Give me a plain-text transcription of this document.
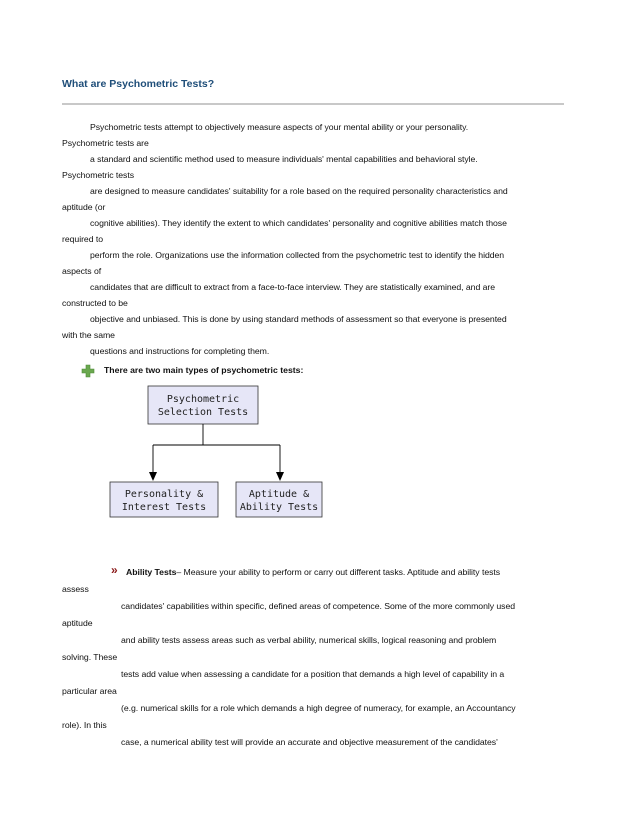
What are Psychometric Tests?
Psychometric tests attempt to objectively measure aspects of your mental ability or your personality.
Psychometric tests are
a standard and scientific method used to measure individuals' mental capabilities and behavioral style.
Psychometric tests
are designed to measure candidates' suitability for a role based on the required personality characteristics and
aptitude (or
cognitive abilities). They identify the extent to which candidates' personality and cognitive abilities match those
required to
perform the role. Organizations use the information collected from the psychometric test to identify the hidden
aspects of
candidates that are difficult to extract from a face-to-face interview. They are statistically examined, and are
constructed to be
objective and unbiased. This is done by using standard methods of assessment so that everyone is presented
with the same
questions and instructions for completing them.
There are two main types of psychometric tests:
Psychometric
Selection Tests
Personality &
Interest Tests
Aptitude &
Ability Tests
» Ability Tests– Measure your ability to perform or carry out different tasks. Aptitude and ability tests
assess
candidates' capabilities within specific, defined areas of competence. Some of the more commonly used
aptitude
and ability tests assess areas such as verbal ability, numerical skills, logical reasoning and problem
solving. These
tests add value when assessing a candidate for a position that demands a high level of capability in a
particular area
(e.g. numerical skills for a role which demands a high degree of numeracy, for example, an Accountancy
role). In this
case, a numerical ability test will provide an accurate and objective measurement of the candidates'
